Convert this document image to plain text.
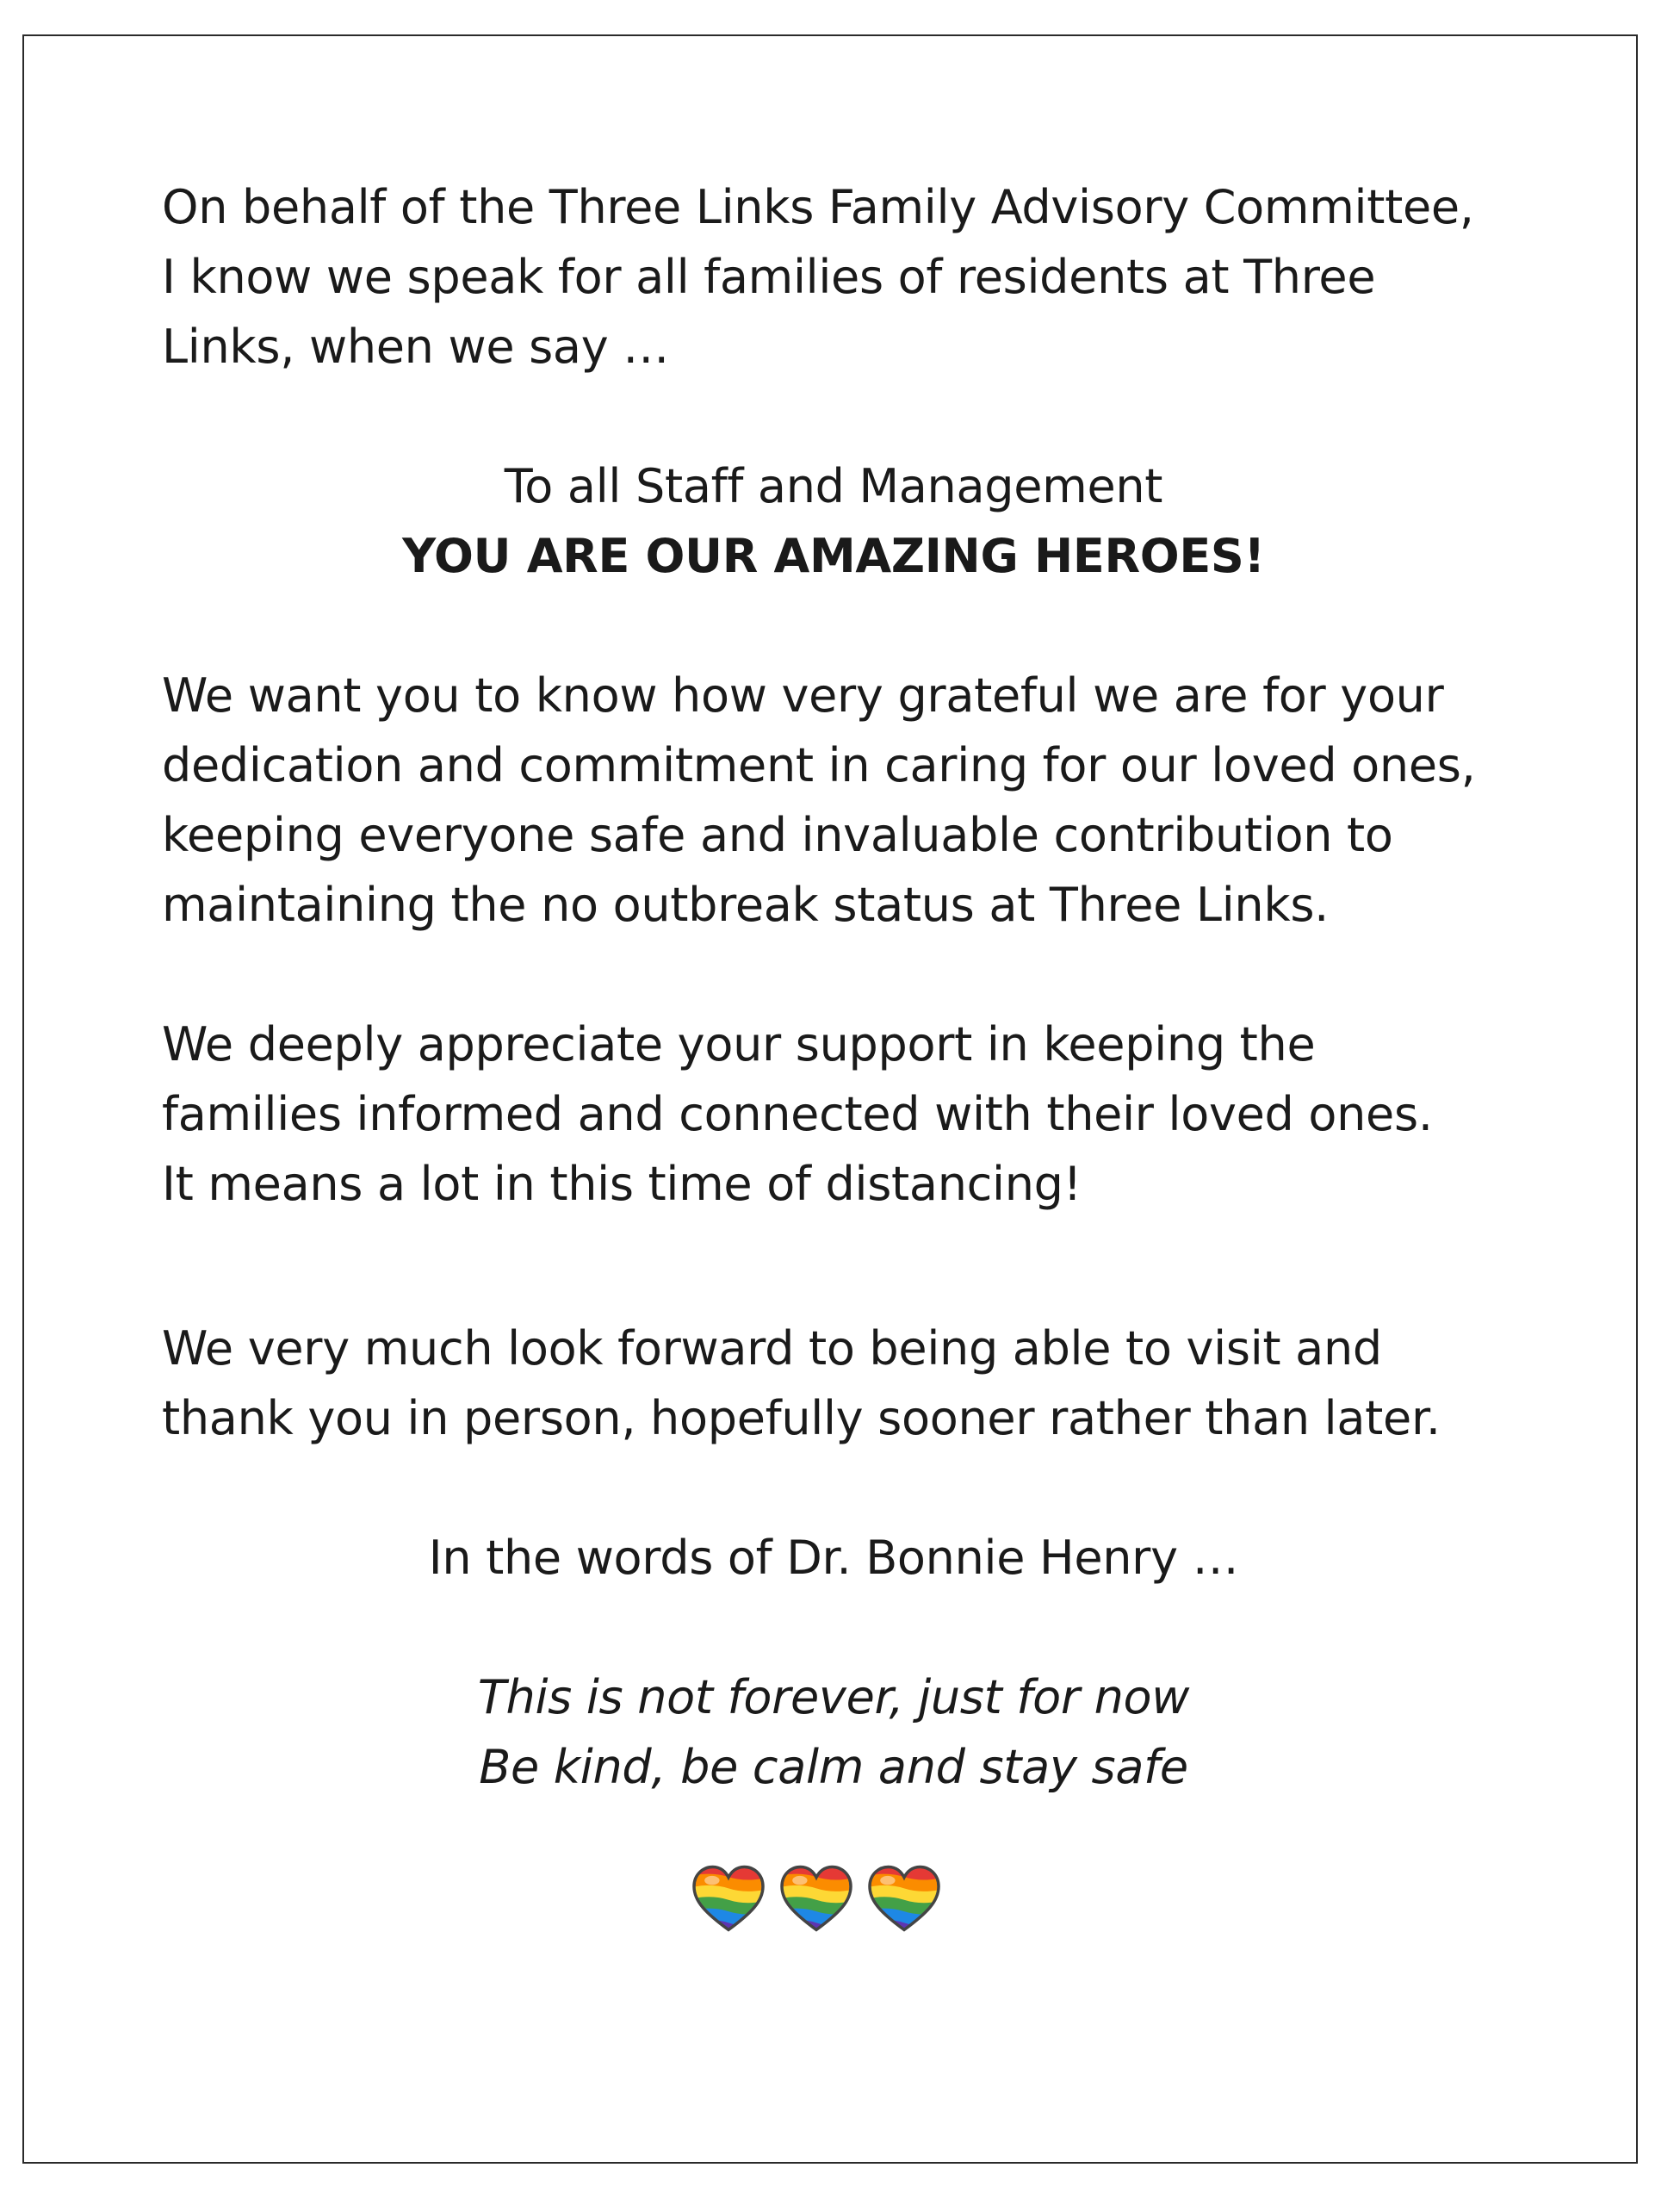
On behalf of the Three Links Family Advisory Committee,
I know we speak for all families of residents at Three
Links, when we say …

To all Staff and Management
YOU ARE OUR AMAZING HEROES!

We want you to know how very grateful we are for your
dedication and commitment in caring for our loved ones,
keeping everyone safe and invaluable contribution to
maintaining the no outbreak status at Three Links.

We deeply appreciate your support in keeping the
families informed and connected with their loved ones.
It means a lot in this time of distancing!

We very much look forward to being able to visit and
thank you in person, hopefully sooner rather than later.

In the words of Dr. Bonnie Henry …

This is not forever, just for now
Be kind, be calm and stay safe
